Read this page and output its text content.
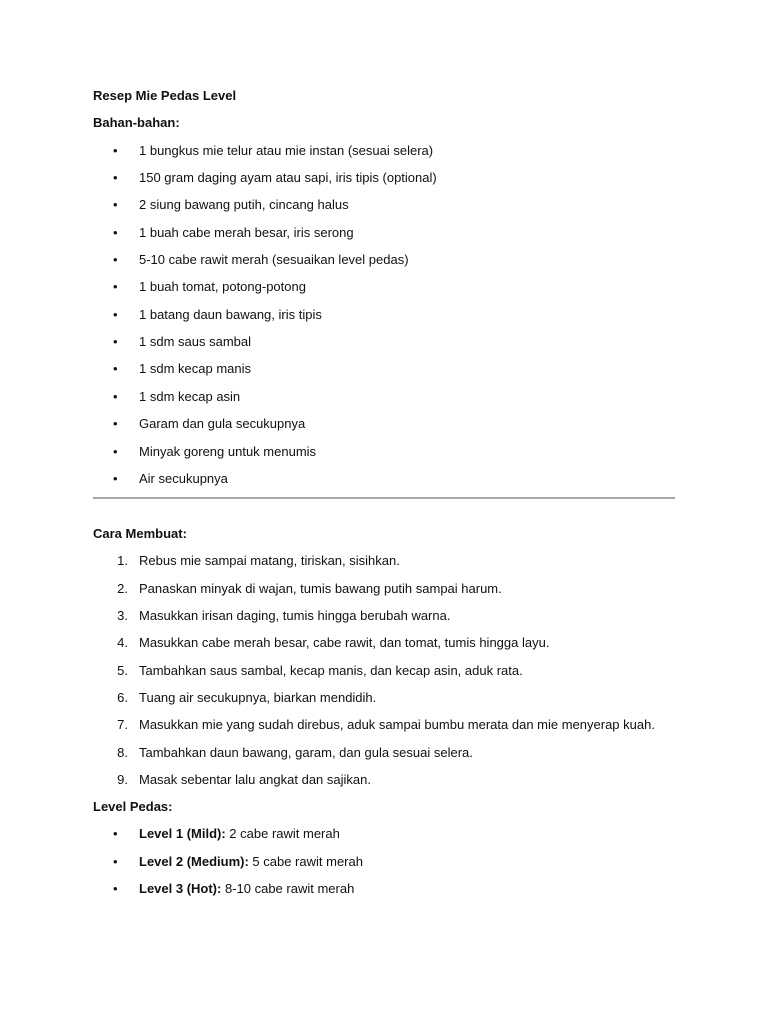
Resep Mie Pedas Level
Bahan-bahan:
•	1 bungkus mie telur atau mie instan (sesuai selera)
•	150 gram daging ayam atau sapi, iris tipis (optional)
•	2 siung bawang putih, cincang halus
•	1 buah cabe merah besar, iris serong
•	5-10 cabe rawit merah (sesuaikan level pedas)
•	1 buah tomat, potong-potong
•	1 batang daun bawang, iris tipis
•	1 sdm saus sambal
•	1 sdm kecap manis
•	1 sdm kecap asin
•	Garam dan gula secukupnya
•	Minyak goreng untuk menumis
•	Air secukupnya
Cara Membuat:
1. Rebus mie sampai matang, tiriskan, sisihkan.
2. Panaskan minyak di wajan, tumis bawang putih sampai harum.
3. Masukkan irisan daging, tumis hingga berubah warna.
4. Masukkan cabe merah besar, cabe rawit, dan tomat, tumis hingga layu.
5. Tambahkan saus sambal, kecap manis, dan kecap asin, aduk rata.
6. Tuang air secukupnya, biarkan mendidih.
7. Masukkan mie yang sudah direbus, aduk sampai bumbu merata dan mie menyerap kuah.
8. Tambahkan daun bawang, garam, dan gula sesuai selera.
9. Masak sebentar lalu angkat dan sajikan.
Level Pedas:
•	Level 1 (Mild): 2 cabe rawit merah
•	Level 2 (Medium): 5 cabe rawit merah
•	Level 3 (Hot): 8-10 cabe rawit merah
